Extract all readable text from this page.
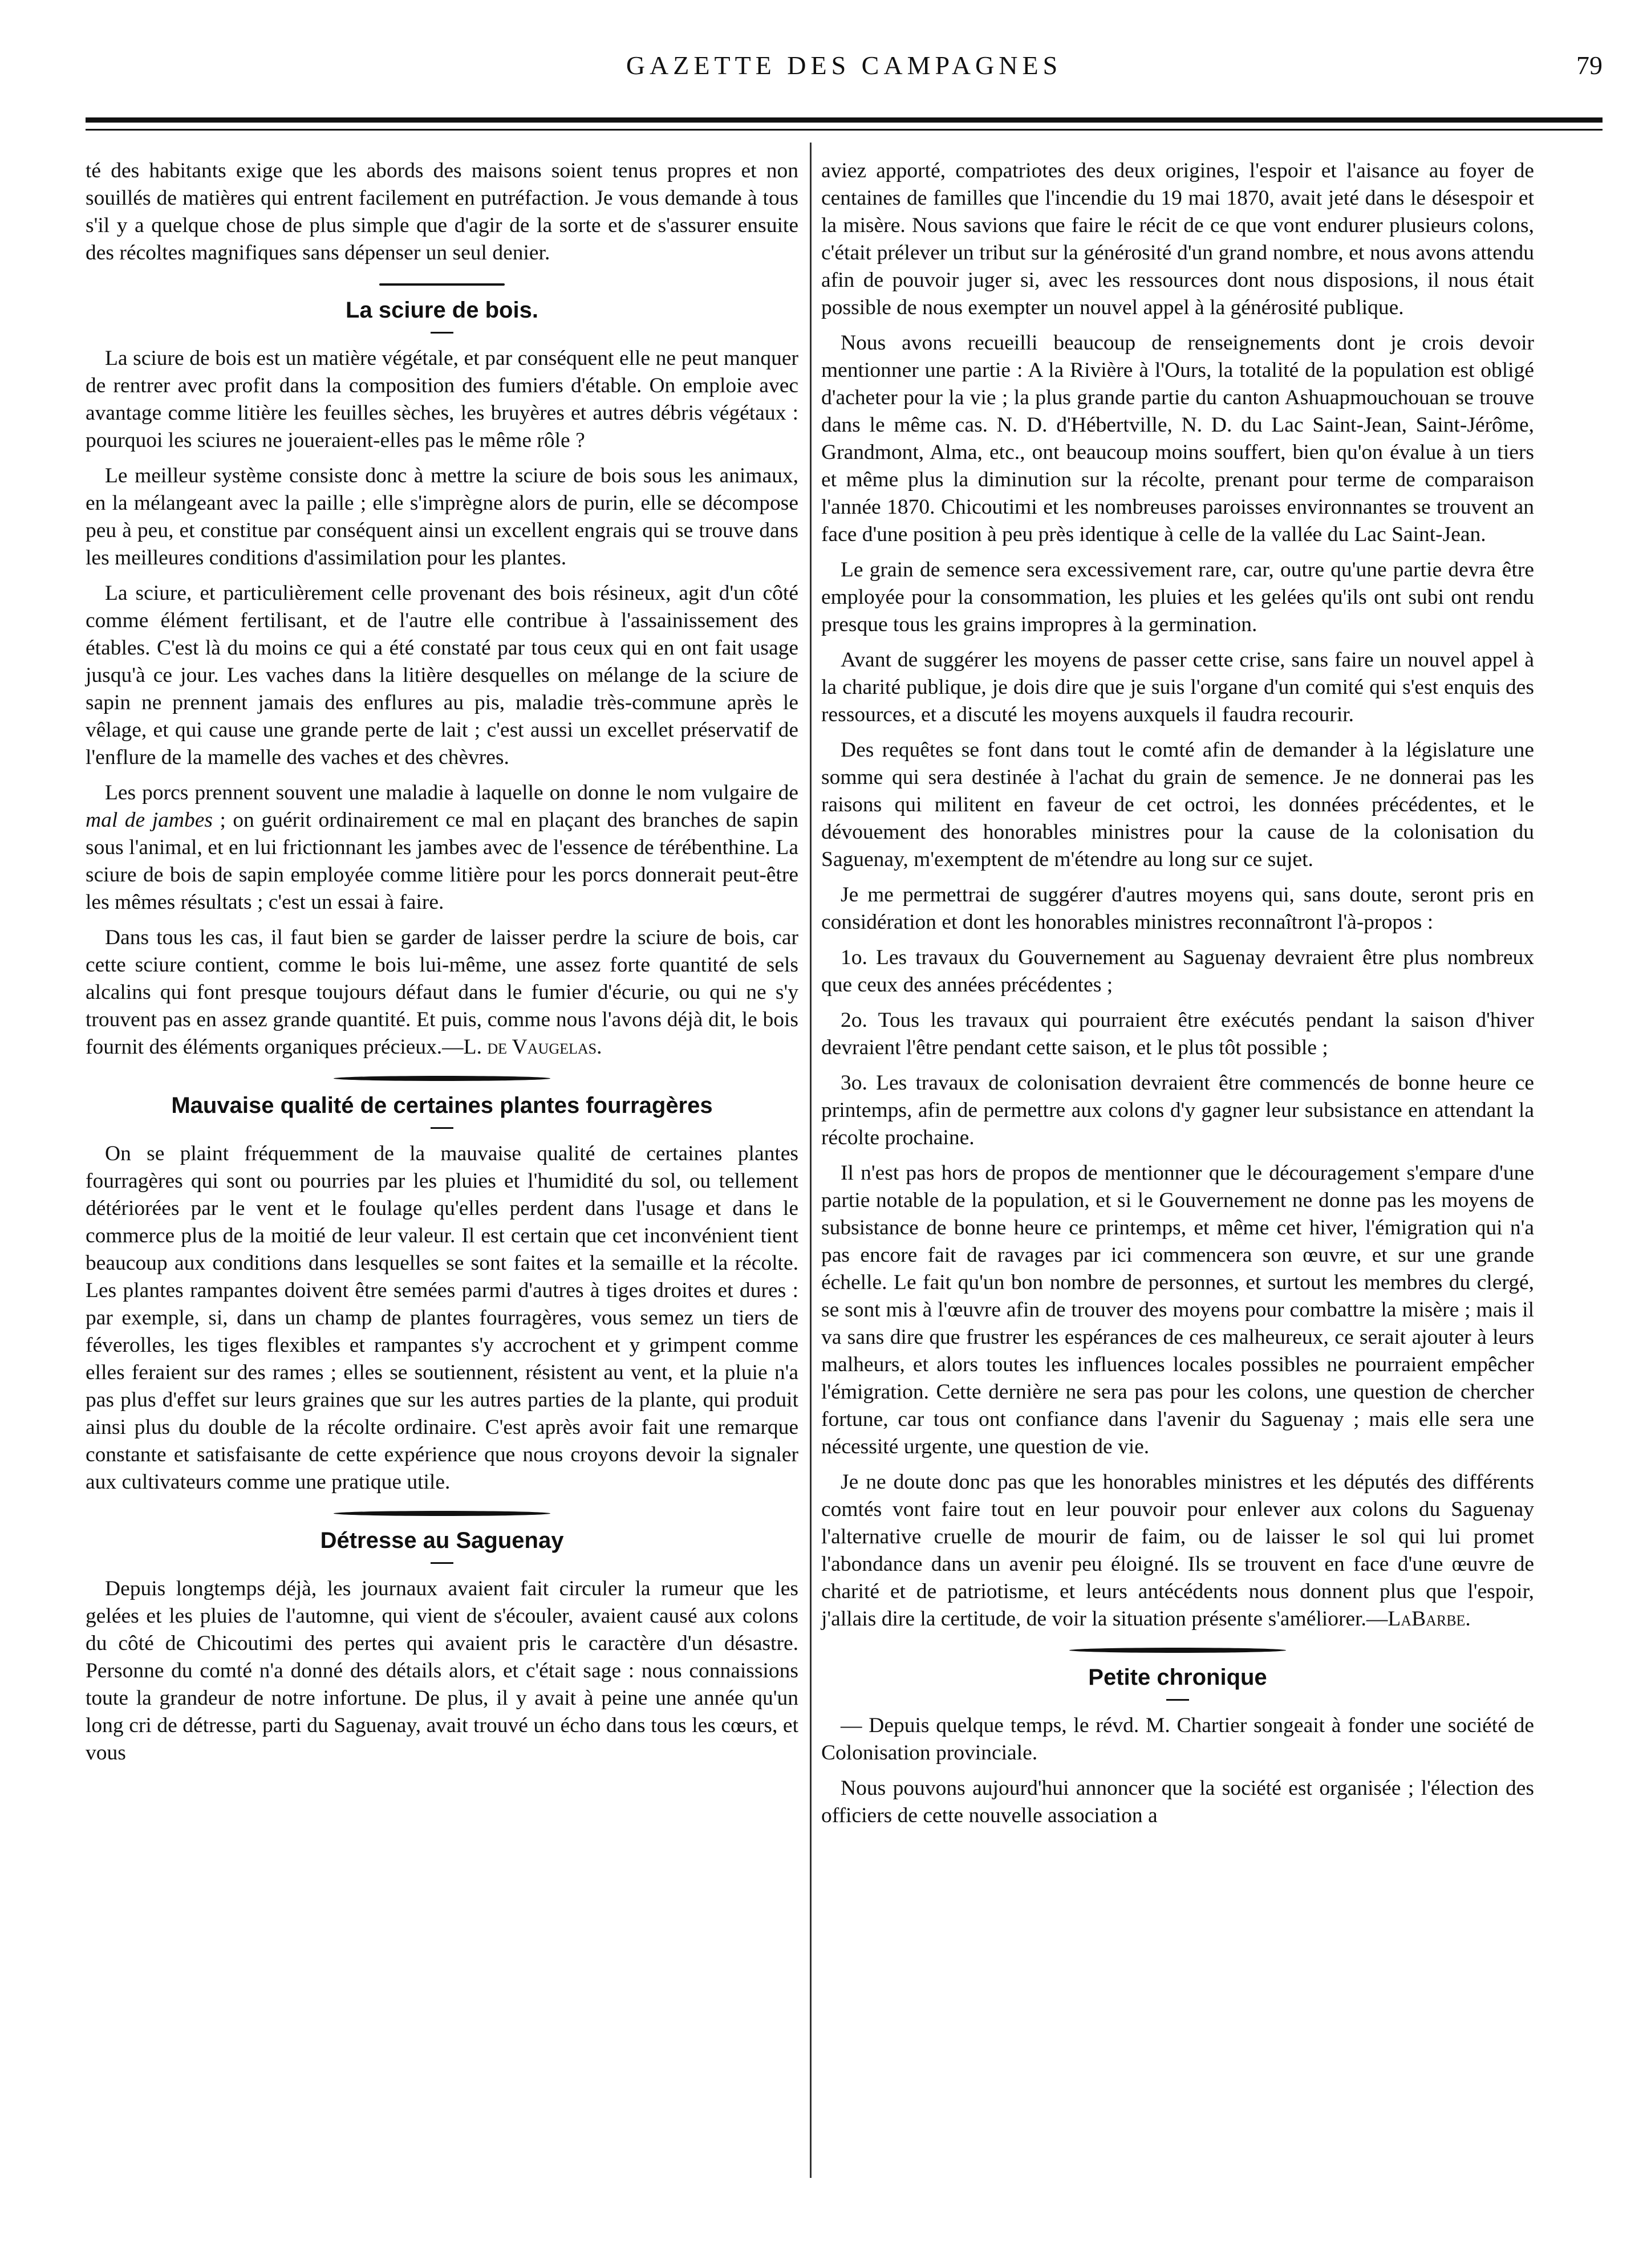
GAZETTE DES CAMPAGNES	79

té des habitants exige que les abords des maisons soient tenus propres et non souillés de matières qui entrent facilement en putréfaction. Je vous demande à tous s'il y a quelque chose de plus simple que d'agir de la sorte et de s'assurer ensuite des récoltes magnifiques sans dépenser un seul denier.

La sciure de bois.

La sciure de bois est un matière végétale, et par conséquent elle ne peut manquer de rentrer avec profit dans la composition des fumiers d'étable. On emploie avec avantage comme litière les feuilles sèches, les bruyères et autres débris végétaux : pourquoi les sciures ne joueraient-elles pas le même rôle ?

Le meilleur système consiste donc à mettre la sciure de bois sous les animaux, en la mélangeant avec la paille ; elle s'imprègne alors de purin, elle se décompose peu à peu, et constitue par conséquent ainsi un excellent engrais qui se trouve dans les meilleures conditions d'assimilation pour les plantes.

La sciure, et particulièrement celle provenant des bois résineux, agit d'un côté comme élément fertilisant, et de l'autre elle contribue à l'assainissement des étables. C'est là du moins ce qui a été constaté par tous ceux qui en ont fait usage jusqu'à ce jour. Les vaches dans la litière desquelles on mélange de la sciure de sapin ne prennent jamais des enflures au pis, maladie très-commune après le vêlage, et qui cause une grande perte de lait ; c'est aussi un excellet préservatif de l'enflure de la mamelle des vaches et des chèvres.

Les porcs prennent souvent une maladie à laquelle on donne le nom vulgaire de mal de jambes ; on guérit ordinairement ce mal en plaçant des branches de sapin sous l'animal, et en lui frictionnant les jambes avec de l'essence de térébenthine. La sciure de bois de sapin employée comme litière pour les porcs donnerait peut-être les mêmes résultats ; c'est un essai à faire.

Dans tous les cas, il faut bien se garder de laisser perdre la sciure de bois, car cette sciure contient, comme le bois lui-même, une assez forte quantité de sels alcalins qui font presque toujours défaut dans le fumier d'écurie, ou qui ne s'y trouvent pas en assez grande quantité. Et puis, comme nous l'avons déjà dit, le bois fournit des éléments organiques précieux.—L. de Vaugelas.

Mauvaise qualité de certaines plantes fourragères

On se plaint fréquemment de la mauvaise qualité de certaines plantes fourragères qui sont ou pourries par les pluies et l'humidité du sol, ou tellement détériorées par le vent et le foulage qu'elles perdent dans l'usage et dans le commerce plus de la moitié de leur valeur. Il est certain que cet inconvénient tient beaucoup aux conditions dans lesquelles se sont faites et la semaille et la récolte. Les plantes rampantes doivent être semées parmi d'autres à tiges droites et dures : par exemple, si, dans un champ de plantes fourragères, vous semez un tiers de féverolles, les tiges flexibles et rampantes s'y accrochent et y grimpent comme elles feraient sur des rames ; elles se soutiennent, résistent au vent, et la pluie n'a pas plus d'effet sur leurs graines que sur les autres parties de la plante, qui produit ainsi plus du double de la récolte ordinaire. C'est après avoir fait une remarque constante et satisfaisante de cette expérience que nous croyons devoir la signaler aux cultivateurs comme une pratique utile.

Détresse au Saguenay

Depuis longtemps déjà, les journaux avaient fait circuler la rumeur que les gelées et les pluies de l'automne, qui vient de s'écouler, avaient causé aux colons du côté de Chicoutimi des pertes qui avaient pris le caractère d'un désastre. Personne du comté n'a donné des détails alors, et c'était sage : nous connaissions toute la grandeur de notre infortune. De plus, il y avait à peine une année qu'un long cri de détresse, parti du Saguenay, avait trouvé un écho dans tous les cœurs, et vous

aviez apporté, compatriotes des deux origines, l'espoir et l'aisance au foyer de centaines de familles que l'incendie du 19 mai 1870, avait jeté dans le désespoir et la misère. Nous savions que faire le récit de ce que vont endurer plusieurs colons, c'était prélever un tribut sur la générosité d'un grand nombre, et nous avons attendu afin de pouvoir juger si, avec les ressources dont nous disposions, il nous était possible de nous exempter un nouvel appel à la générosité publique.

Nous avons recueilli beaucoup de renseignements dont je crois devoir mentionner une partie : A la Rivière à l'Ours, la totalité de la population est obligé d'acheter pour la vie ; la plus grande partie du canton Ashuapmouchouan se trouve dans le même cas. N. D. d'Hébertville, N. D. du Lac Saint-Jean, Saint-Jérôme, Grandmont, Alma, etc., ont beaucoup moins souffert, bien qu'on évalue à un tiers et même plus la diminution sur la récolte, prenant pour terme de comparaison l'année 1870. Chicoutimi et les nombreuses paroisses environnantes se trouvent an face d'une position à peu près identique à celle de la vallée du Lac Saint-Jean.

Le grain de semence sera excessivement rare, car, outre qu'une partie devra être employée pour la consommation, les pluies et les gelées qu'ils ont subi ont rendu presque tous les grains impropres à la germination.

Avant de suggérer les moyens de passer cette crise, sans faire un nouvel appel à la charité publique, je dois dire que je suis l'organe d'un comité qui s'est enquis des ressources, et a discuté les moyens auxquels il faudra recourir.

Des requêtes se font dans tout le comté afin de demander à la législature une somme qui sera destinée à l'achat du grain de semence. Je ne donnerai pas les raisons qui militent en faveur de cet octroi, les données précédentes, et le dévouement des honorables ministres pour la cause de la colonisation du Saguenay, m'exemptent de m'étendre au long sur ce sujet.

Je me permettrai de suggérer d'autres moyens qui, sans doute, seront pris en considération et dont les honorables ministres reconnaîtront l'à-propos :

1o. Les travaux du Gouvernement au Saguenay devraient être plus nombreux que ceux des années précédentes ;

2o. Tous les travaux qui pourraient être exécutés pendant la saison d'hiver devraient l'être pendant cette saison, et le plus tôt possible ;

3o. Les travaux de colonisation devraient être commencés de bonne heure ce printemps, afin de permettre aux colons d'y gagner leur subsistance en attendant la récolte prochaine.

Il n'est pas hors de propos de mentionner que le découragement s'empare d'une partie notable de la population, et si le Gouvernement ne donne pas les moyens de subsistance de bonne heure ce printemps, et même cet hiver, l'émigration qui n'a pas encore fait de ravages par ici commencera son œuvre, et sur une grande échelle. Le fait qu'un bon nombre de personnes, et surtout les membres du clergé, se sont mis à l'œuvre afin de trouver des moyens pour combattre la misère ; mais il va sans dire que frustrer les espérances de ces malheureux, ce serait ajouter à leurs malheurs, et alors toutes les influences locales possibles ne pourraient empêcher l'émigration. Cette dernière ne sera pas pour les colons, une question de chercher fortune, car tous ont confiance dans l'avenir du Saguenay ; mais elle sera une nécessité urgente, une question de vie.

Je ne doute donc pas que les honorables ministres et les députés des différents comtés vont faire tout en leur pouvoir pour enlever aux colons du Saguenay l'alternative cruelle de mourir de faim, ou de laisser le sol qui lui promet l'abondance dans un avenir peu éloigné. Ils se trouvent en face d'une œuvre de charité et de patriotisme, et leurs antécédents nous donnent plus que l'espoir, j'allais dire la certitude, de voir la situation présente s'améliorer.—LaBarbe.

Petite chronique

— Depuis quelque temps, le révd. M. Chartier songeait à fonder une société de Colonisation provinciale.

Nous pouvons aujourd'hui annoncer que la société est organisée ; l'élection des officiers de cette nouvelle association a
